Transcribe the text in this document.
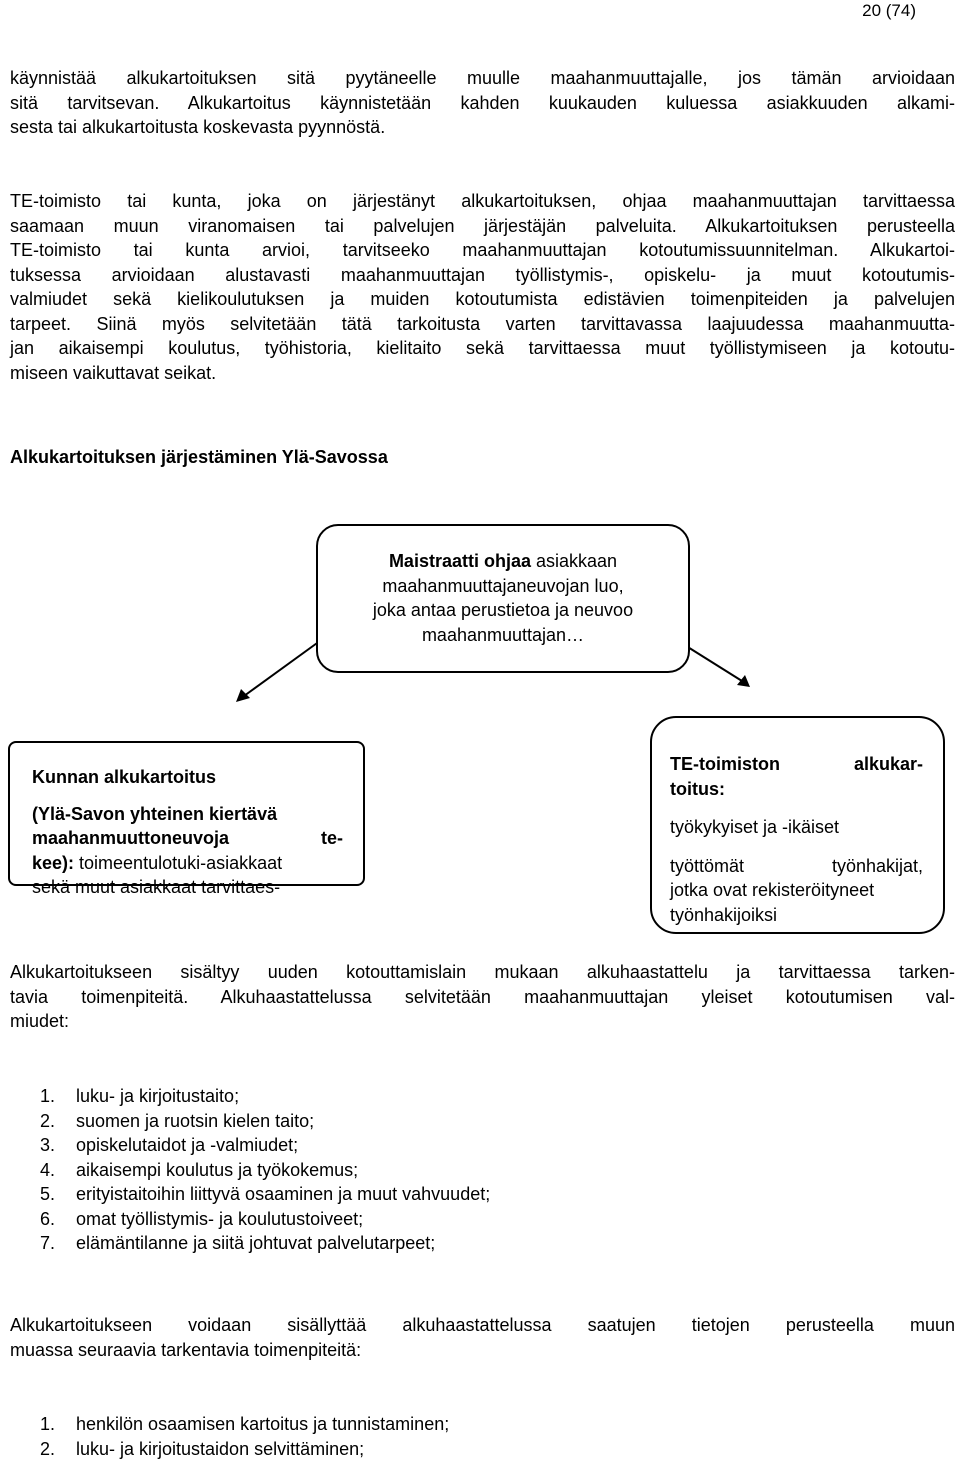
20 (74)
käynnistää alkukartoituksen sitä pyytäneelle muulle maahanmuuttajalle, jos tämän arvioidaan
sitä tarvitsevan. Alkukartoitus käynnistetään kahden kuukauden kuluessa asiakkuuden alkami-
sesta tai alkukartoitusta koskevasta pyynnöstä.
TE-toimisto tai kunta, joka on järjestänyt alkukartoituksen, ohjaa maahanmuuttajan tarvittaessa
saamaan muun viranomaisen tai palvelujen järjestäjän palveluita. Alkukartoituksen perusteella
TE-toimisto tai kunta arvioi, tarvitseeko maahanmuuttajan kotoutumissuunnitelman. Alkukartoi-
tuksessa arvioidaan alustavasti maahanmuuttajan työllistymis-, opiskelu- ja muut kotoutumis-
valmiudet sekä kielikoulutuksen ja muiden kotoutumista edistävien toimenpiteiden ja palvelujen
tarpeet. Siinä myös selvitetään tätä tarkoitusta varten tarvittavassa laajuudessa maahanmuutta-
jan aikaisempi koulutus, työhistoria, kielitaito sekä tarvittaessa muut työllistymiseen ja kotoutu-
miseen vaikuttavat seikat.
Alkukartoituksen järjestäminen Ylä-Savossa
Maistraatti ohjaa asiakkaan
maahanmuuttajaneuvojan luo,
joka antaa perustietoa ja neuvoo
maahanmuuttajan…
Kunnan alkukartoitus
(Ylä-Savon yhteinen kiertävä
maahanmuuttoneuvoja te-
kee): toimeentulotuki-asiakkaat
sekä muut asiakkaat tarvittaes-
TE-toimiston alkukar-
toitus:
työkykyiset ja -ikäiset
työttömät työnhakijat,
jotka ovat rekisteröityneet
työnhakijoiksi
Alkukartoitukseen sisältyy uuden kotouttamislain mukaan alkuhaastattelu ja tarvittaessa tarken-
tavia toimenpiteitä. Alkuhaastattelussa selvitetään maahanmuuttajan yleiset kotoutumisen val-
miudet:
1. luku- ja kirjoitustaito;
2. suomen ja ruotsin kielen taito;
3. opiskelutaidot ja -valmiudet;
4. aikaisempi koulutus ja työkokemus;
5. erityistaitoihin liittyvä osaaminen ja muut vahvuudet;
6. omat työllistymis- ja koulutustoiveet;
7. elämäntilanne ja siitä johtuvat palvelutarpeet;
Alkukartoitukseen voidaan sisällyttää alkuhaastattelussa saatujen tietojen perusteella muun
muassa seuraavia tarkentavia toimenpiteitä:
1. henkilön osaamisen kartoitus ja tunnistaminen;
2. luku- ja kirjoitustaidon selvittäminen;
